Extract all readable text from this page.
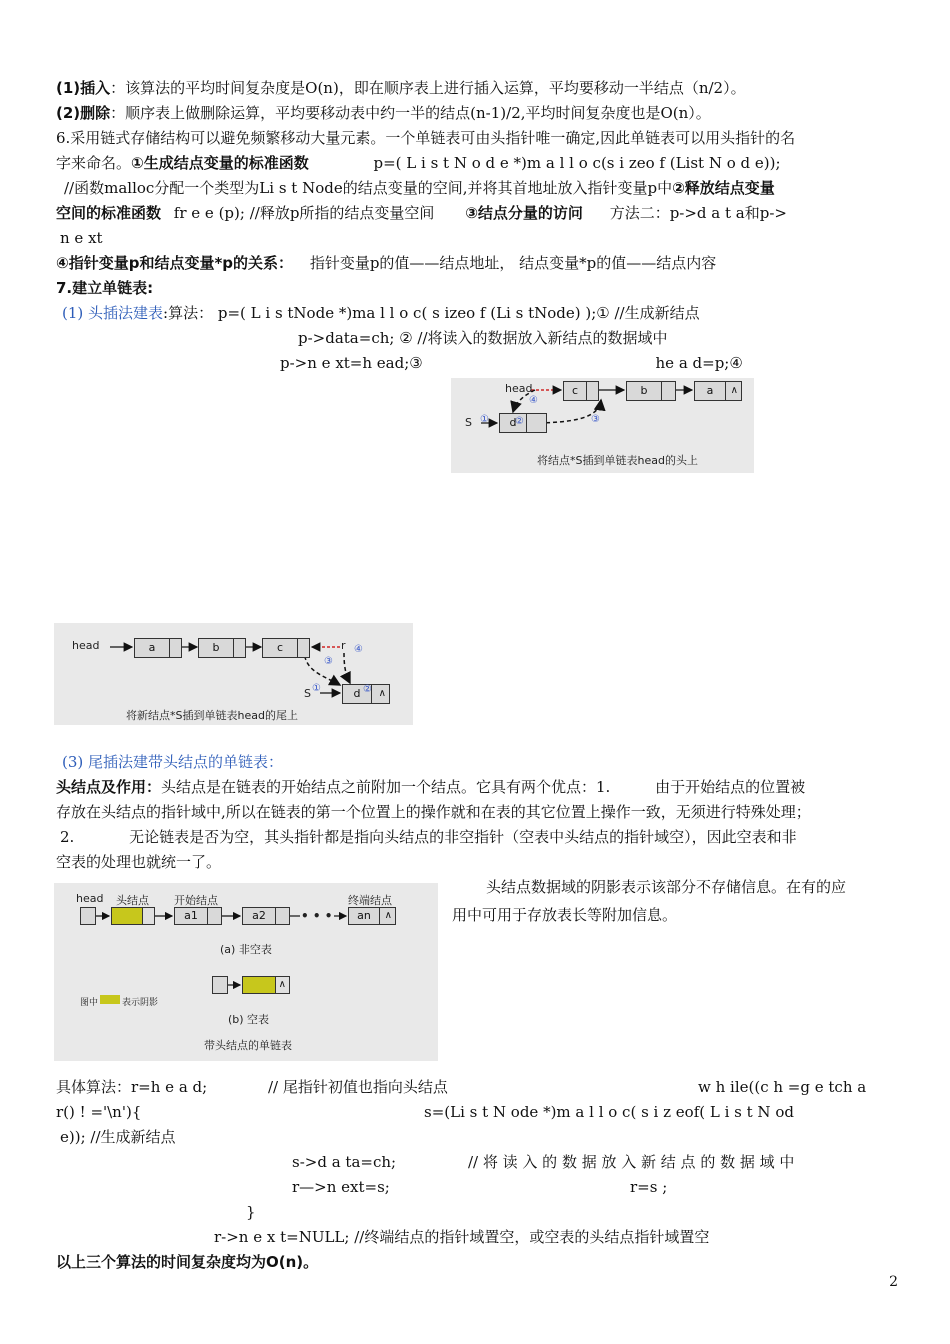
(1)插入：该算法的平均时间复杂度是O(n)，即在顺序表上进行插入运算，平均要移动一半结点（n/2）。
(2)删除：顺序表上做删除运算，平均要移动表中约一半的结点(n-1)/2,平均时间复杂度也是O(n）。
6.采用链式存储结构可以避免频繁移动大量元素。一个单链表可由头指针唯一确定,因此单链表可以用头指针的名
字来命名。①生成结点变量的标准函数	p=( L i s t N o d e *)m a l l o c(s i zeo f (List N o d e));
//函数malloc分配一个类型为Li s t Node的结点变量的空间,并将其首地址放入指针变量p中②释放结点变量
空间的标准函数 fr e e (p); //释放p所指的结点变量空间 ③结点分量的访问 方法二：p->d a t a和p->
n e xt
④指针变量p和结点变量*p的关系： 指针变量p的值——结点地址， 结点变量*p的值——结点内容
7.建立单链表:
(1) 头插法建表:算法： p=( L i s tNode *)ma l l o c( s izeo f (Li s tNode) );① //生成新结点
p->data=ch; ② //将读入的数据放入新结点的数据域中
p->n e xt=h ead;③	he a d=p;④
head	c	b	a	∧
S	d
①	②	③
④
将结点*S插到单链表head的头上
head	a	b	c	r
S	d	∧
①	②
③
④
将新结点*S插到单链表head的尾上
(3) 尾插法建带头结点的单链表：
头结点及作用：头结点是在链表的开始结点之前附加一个结点。它具有两个优点：1.	由于开始结点的位置被
存放在头结点的指针域中,所以在链表的第一个位置上的操作就和在表的其它位置上操作一致，无须进行特殊处理；
2.	无论链表是否为空，其头指针都是指向头结点的非空指针（空表中头结点的指针域空），因此空表和非
空表的处理也就统一了。
head 头结点 开始结点	终端结点
a1	a2	• • •	an	∧
(a) 非空表
∧
图中	表示阴影
(b) 空表
带头结点的单链表
头结点数据域的阴影表示该部分不存储信息。在有的应
用中可用于存放表长等附加信息。
具体算法：r=h e a d;	// 尾指针初值也指向头结点	w h ile((c h =g e tch a
r() ! ='\n'){	s=(Li s t N ode *)m a l l o c( s i z eof( L i s t N od
e)); //生成新结点
s->d a ta=ch;	// 将 读 入 的 数 据 放 入 新 结 点 的 数 据 域 中
r—>n ext=s;	r=s ;
}
r->n e x t=NULL; //终端结点的指针域置空，或空表的头结点指针域置空
以上三个算法的时间复杂度均为O(n)。
2
